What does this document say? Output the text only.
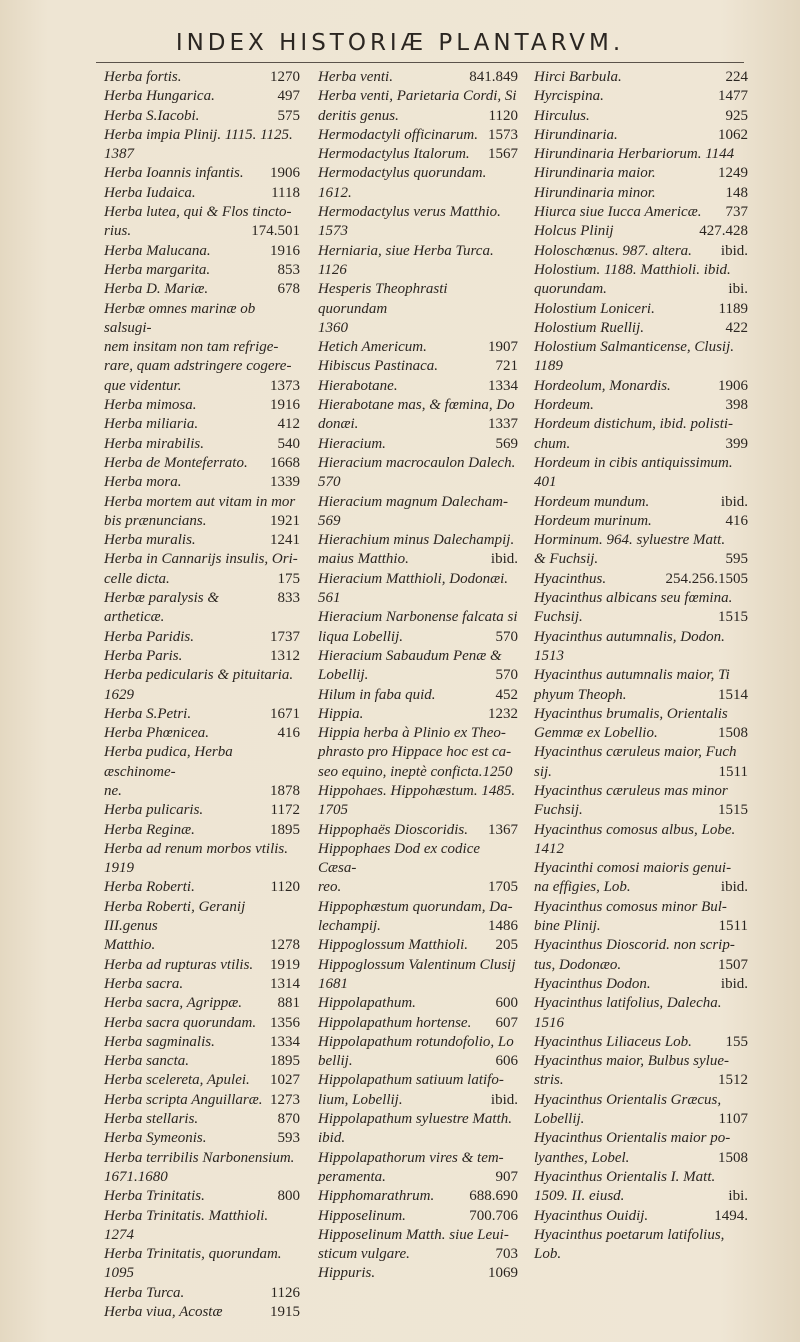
INDEX HISTORIÆ PLANTARVM.
1270
Herba fortis.
497
Herba Hungarica.
575
Herba S.Iacobi.
Herba impia Plinij. 1115. 1125.
1387
1906
Herba Ioannis infantis.
1118
Herba Iudaica.
Herba lutea, qui & Flos tincto-
174.501
rius.
1916
Herba Malucana.
853
Herba margarita.
678
Herba D. Mariæ.
Herbæ omnes marinæ ob salsugi-
nem insitam non tam refrige-
rare, quam adstringere cogere-
1373
que videntur.
1916
Herba mimosa.
412
Herba miliaria.
540
Herba mirabilis.
1668
Herba de Monteferrato.
1339
Herba mora.
Herba mortem aut vitam in mor
1921
bis prænuncians.
1241
Herba muralis.
Herba in Cannarijs insulis, Ori-
175
celle dicta.
833
Herbæ paralysis & artheticæ.
1737
Herba Paridis.
1312
Herba Paris.
Herba pedicularis & pituitaria.
1629
1671
Herba S.Petri.
416
Herba Phœnicea.
Herba pudica, Herba æschinome-
1878
ne.
1172
Herba pulicaris.
1895
Herba Reginæ.
Herba ad renum morbos vtilis.
1919
1120
Herba Roberti.
Herba Roberti, Geranij III.genus
1278
Matthio.
1919
Herba ad rupturas vtilis.
1314
Herba sacra.
881
Herba sacra, Agrippæ.
1356
Herba sacra quorundam.
1334
Herba sagminalis.
1895
Herba sancta.
1027
Herba scelereta, Apulei.
1273
Herba scripta Anguillaræ.
870
Herba stellaris.
593
Herba Symeonis.
Herba terribilis Narbonensium.
1671.1680
800
Herba Trinitatis.
Herba Trinitatis. Matthioli.
1274
Herba Trinitatis, quorundam.
1095
1126
Herba Turca.
1915
Herba viua, Acostæ
841.849
Herba venti.
Herba venti, Parietaria Cordi, Si
1120
deritis genus.
1573
Hermodactyli officinarum.
1567
Hermodactylus Italorum.
Hermodactylus quorundam.
1612.
Hermodactylus verus Matthio.
1573
Herniaria, siue Herba Turca.
1126
Hesperis Theophrasti quorundam
1360
1907
Hetich Americum.
721
Hibiscus Pastinaca.
1334
Hierabotane.
Hierabotane mas, & fœmina, Do
1337
donæi.
569
Hieracium.
Hieracium macrocaulon Dalech.
570
Hieracium magnum Dalecham-
569
Hierachium minus Dalechampij.
ibid.
maius Matthio.
Hieracium Matthioli, Dodonæi.
561
Hieracium Narbonense falcata si
570
liqua Lobellij.
Hieracium Sabaudum Penæ &
570
Lobellij.
452
Hilum in faba quid.
1232
Hippia.
Hippia herba à Plinio ex Theo-
phrasto pro Hippace hoc est ca-
seo equino, ineptè conficta.1250
Hippohaes. Hippohæstum. 1485.
1705
1367
Hippophaës Dioscoridis.
Hippophaes Dod ex codice Cæsa-
1705
reo.
Hippophæstum quorundam, Da-
1486
lechampij.
205
Hippoglossum Matthioli.
Hippoglossum Valentinum Clusij
1681
600
Hippolapathum.
607
Hippolapathum hortense.
Hippolapathum rotundofolio, Lo
606
bellij.
Hippolapathum satiuum latifo-
ibid.
lium, Lobellij.
Hippolapathum syluestre Matth.
ibid.
Hippolapathorum vires & tem-
907
peramenta.
688.690
Hipphomarathrum.
700.706
Hipposelinum.
Hipposelinum Matth. siue Leui-
703
sticum vulgare.
1069
Hippuris.
224
Hirci Barbula.
1477
Hyrcispina.
925
Hirculus.
1062
Hirundinaria.
Hirundinaria Herbariorum. 1144
1249
Hirundinaria maior.
148
Hirundinaria minor.
737
Hiurca siue Iucca Americæ.
427.428
Holcus Plinij
ibid.
Holoschœnus. 987. altera.
Holostium. 1188. Matthioli. ibid.
ibi.
quorundam.
1189
Holostium Loniceri.
422
Holostium Ruellij.
Holostium Salmanticense, Clusij.
1189
1906
Hordeolum, Monardis.
398
Hordeum.
Hordeum distichum, ibid. polisti-
399
chum.
Hordeum in cibis antiquissimum.
401
ibid.
Hordeum mundum.
416
Hordeum murinum.
Horminum. 964. syluestre Matt.
595
& Fuchsij.
254.256.1505
Hyacinthus.
Hyacinthus albicans seu fœmina.
1515
Fuchsij.
Hyacinthus autumnalis, Dodon.
1513
Hyacinthus autumnalis maior, Ti
1514
phyum Theoph.
Hyacinthus brumalis, Orientalis
1508
Gemmæ ex Lobellio.
Hyacinthus cæruleus maior, Fuch
1511
sij.
Hyacinthus cæruleus mas minor
1515
Fuchsij.
Hyacinthus comosus albus, Lobe.
1412
Hyacinthi comosi maioris genui-
ibid.
na effigies, Lob.
Hyacinthus comosus minor Bul-
1511
bine Plinij.
Hyacinthus Dioscorid. non scrip-
1507
tus, Dodonæo.
ibid.
Hyacinthus Dodon.
Hyacinthus latifolius, Dalecha.
1516
155
Hyacinthus Liliaceus Lob.
Hyacinthus maior, Bulbus sylue-
1512
stris.
Hyacinthus Orientalis Græcus,
1107
Lobellij.
Hyacinthus Orientalis maior po-
1508
lyanthes, Lobel.
Hyacinthus Orientalis I. Matt.
ibi.
1509. II. eiusd.
1494.
Hyacinthus Ouidij.
Hyacinthus poetarum latifolius,
Lob.
